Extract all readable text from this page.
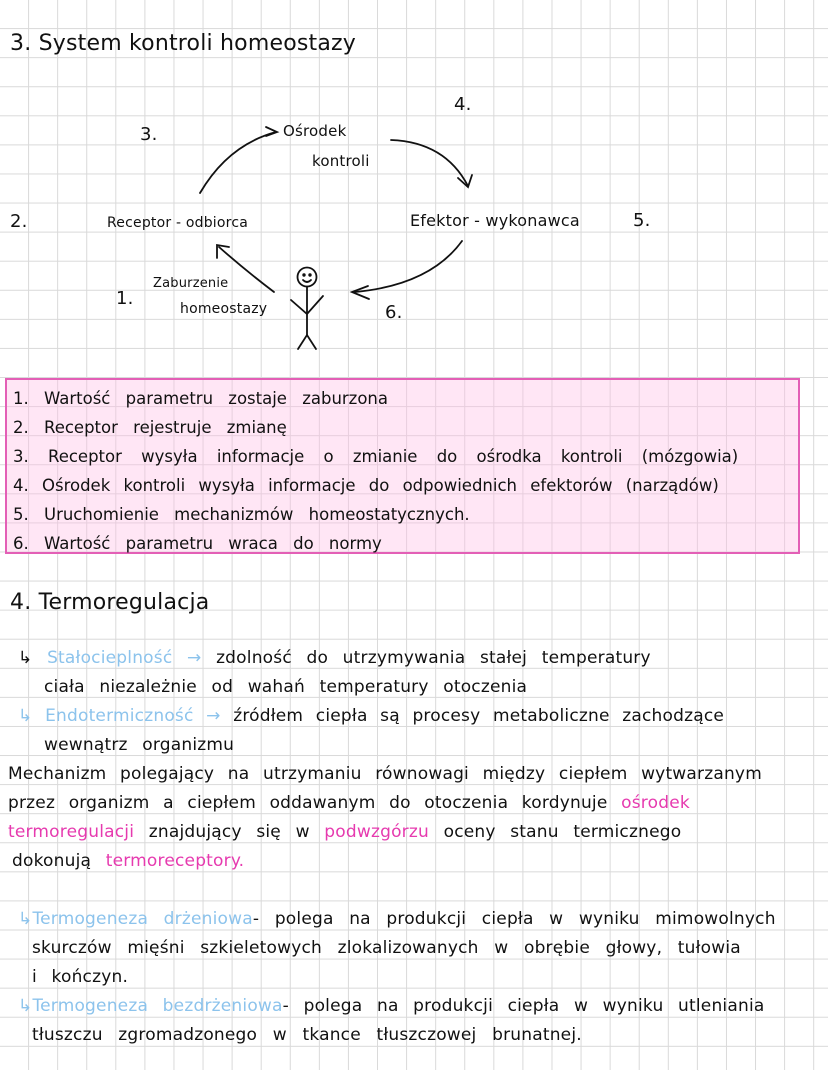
3. System kontroli homeostazy
3.
4.
2.	5.
1.
6.
Ośrodek
kontroli
Receptor - odbiorca	Efektor - wykonawca
Zaburzenie
homeostazy
1. Wartość parametru zostaje zaburzona
2. Receptor rejestruje zmianę
3. Receptor wysyła informacje o zmianie do ośrodka kontroli (mózgowia)
4. Ośrodek kontroli wysyła informacje do odpowiednich efektorów (narządów)
5. Uruchomienie mechanizmów homeostatycznych.
6. Wartość parametru wraca do normy
4. Termoregulacja
↳ Stałocieplność → zdolność do utrzymywania stałej temperatury
ciała niezależnie od wahań temperatury otoczenia
↳ Endotermiczność → źródłem ciepła są procesy metaboliczne zachodzące
wewnątrz organizmu
Mechanizm polegający na utrzymaniu równowagi między ciepłem wytwarzanym
przez organizm a ciepłem oddawanym do otoczenia kordynuje ośrodek
termoregulacji znajdujący się w podwzgórzu oceny stanu termicznego
dokonują termoreceptory.
↳Termogeneza drżeniowa- polega na produkcji ciepła w wyniku mimowolnych
skurczów mięśni szkieletowych zlokalizowanych w obrębie głowy, tułowia
i kończyn.
↳Termogeneza bezdrżeniowa- polega na produkcji ciepła w wyniku utleniania
tłuszczu zgromadzonego w tkance tłuszczowej brunatnej.
